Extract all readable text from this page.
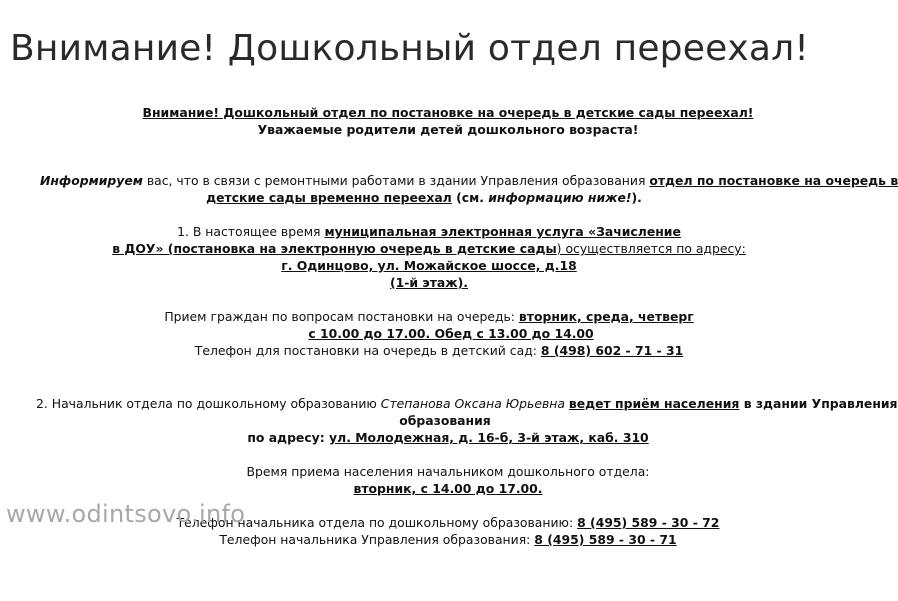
Внимание! Дошкольный отдел переехал!

Внимание! Дошкольный отдел по постановке на очередь в детские сады переехал!

Уважаемые родители детей дошкольного возраста!

Информируем вас, что в связи с ремонтными работами в здании Управления образования отдел по постановке на очередь в

детские сады временно переехал (см. информацию ниже!).

1. В настоящее время муниципальная электронная услуга «Зачисление

в ДОУ» (постановка на электронную очередь в детские сады) осуществляется по адресу:

г. Одинцово, ул. Можайское шоссе, д.18

(1-й этаж).

Прием граждан по вопросам постановки на очередь: вторник, среда, четверг

с 10.00 до 17.00. Обед с 13.00 до 14.00

Телефон для постановки на очередь в детский сад: 8 (498) 602 - 71 - 31

2. Начальник отдела по дошкольному образованию Степанова Оксана Юрьевна ведет приём населения в здании Управления

образования

по адресу: ул. Молодежная, д. 16-б, 3-й этаж, каб. 310

Время приема населения начальником дошкольного отдела:

вторник, с 14.00 до 17.00.

Телефон начальника отдела по дошкольному образованию: 8 (495) 589 - 30 - 72

Телефон начальника Управления образования: 8 (495) 589 - 30 - 71

www.odintsovo.info
